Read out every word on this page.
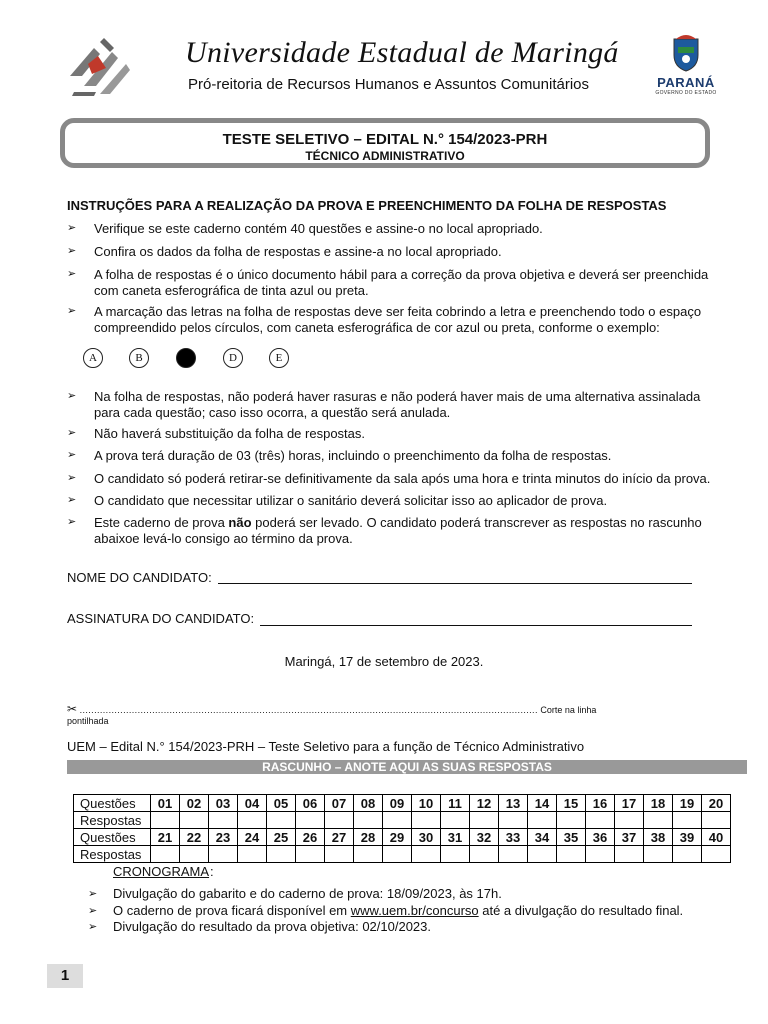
Universidade Estadual de Maringá
Pró-reitoria de Recursos Humanos e Assuntos Comunitários	PARANÁ
GOVERNO DO ESTADO
TESTE SELETIVO – EDITAL N.° 154/2023-PRH
TÉCNICO ADMINISTRATIVO
INSTRUÇÕES PARA A REALIZAÇÃO DA PROVA E PREENCHIMENTO DA FOLHA DE RESPOSTAS
➢ Verifique se este caderno contém 40 questões e assine-o no local apropriado.
➢ Confira os dados da folha de respostas e assine-a no local apropriado.
➢ A folha de respostas é o único documento hábil para a correção da prova objetiva e deverá ser preenchida com caneta esferográfica de tinta azul ou preta.
➢ A marcação das letras na folha de respostas deve ser feita cobrindo a letra e preenchendo todo o espaço compreendido pelos círculos, com caneta esferográfica de cor azul ou preta, conforme o exemplo:
A	B	C	D	E
➢ Na folha de respostas, não poderá haver rasuras e não poderá haver mais de uma alternativa assinalada para cada questão; caso isso ocorra, a questão será anulada.
➢ Não haverá substituição da folha de respostas.
➢ A prova terá duração de 03 (três) horas, incluindo o preenchimento da folha de respostas.
➢ O candidato só poderá retirar-se definitivamente da sala após uma hora e trinta minutos do início da prova.
➢ O candidato que necessitar utilizar o sanitário deverá solicitar isso ao aplicador de prova.
➢ Este caderno de prova não poderá ser levado. O candidato poderá transcrever as respostas no rascunho abaixoe levá-lo consigo ao término da prova.
NOME DO CANDIDATO:
ASSINATURA DO CANDIDATO:
Maringá, 17 de setembro de 2023.
✂ .............................................................................................................................................................. Corte na linha
pontilhada
UEM – Edital N.° 154/2023-PRH – Teste Seletivo para a função de Técnico Administrativo
RASCUNHO – ANOTE AQUI AS SUAS RESPOSTAS
Questões	01	02	03	04	05	06	07	08	09	10	11	12	13	14	15	16	17	18	19	20
Respostas																				
Questões	21	22	23	24	25	26	27	28	29	30	31	32	33	34	35	36	37	38	39	40
Respostas																				
CRONOGRAMA :
➢ Divulgação do gabarito e do caderno de prova: 18/09/2023, às 17h.
➢ O caderno de prova ficará disponível em www.uem.br/concurso até a divulgação do resultado final.
➢ Divulgação do resultado da prova objetiva: 02/10/2023.
1
